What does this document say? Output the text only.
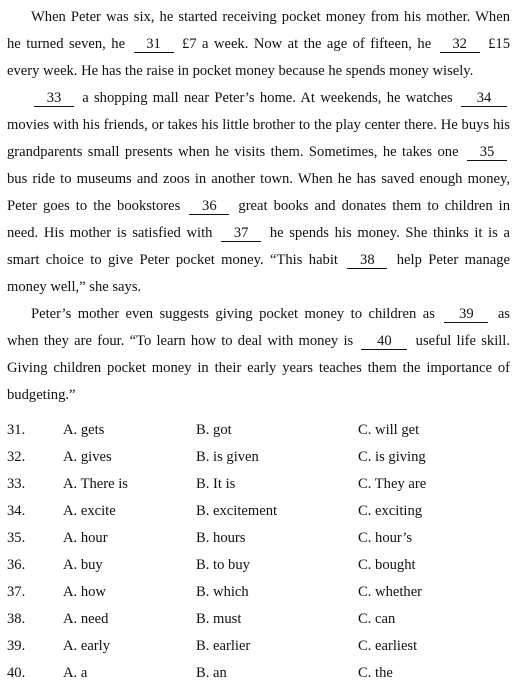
When Peter was six, he started receiving pocket money from his mother. When he turned seven, he 31 £7 a week. Now at the age of fifteen, he 32 £15 every week. He has the raise in pocket money because he spends money wisely.
33 a shopping mall near Peter’s home. At weekends, he watches 34 movies with his friends, or takes his little brother to the play center there. He buys his grandparents small presents when he visits them. Sometimes, he takes one 35 bus ride to museums and zoos in another town. When he has saved enough money, Peter goes to the bookstores 36 great books and donates them to children in need. His mother is satisfied with 37 he spends his money. She thinks it is a smart choice to give Peter pocket money. “This habit 38 help Peter manage money well,” she says.
Peter’s mother even suggests giving pocket money to children as 39 as when they are four. “To learn how to deal with money is 40 useful life skill. Giving children pocket money in their early years teaches them the importance of budgeting.”
31.	A. gets	B. got	C. will get
32.	A. gives	B. is given	C. is giving
33.	A. There is	B. It is	C. They are
34.	A. excite	B. excitement	C. exciting
35.	A. hour	B. hours	C. hour’s
36.	A. buy	B. to buy	C. bought
37.	A. how	B. which	C. whether
38.	A. need	B. must	C. can
39.	A. early	B. earlier	C. earliest
40.	A. a	B. an	C. the
